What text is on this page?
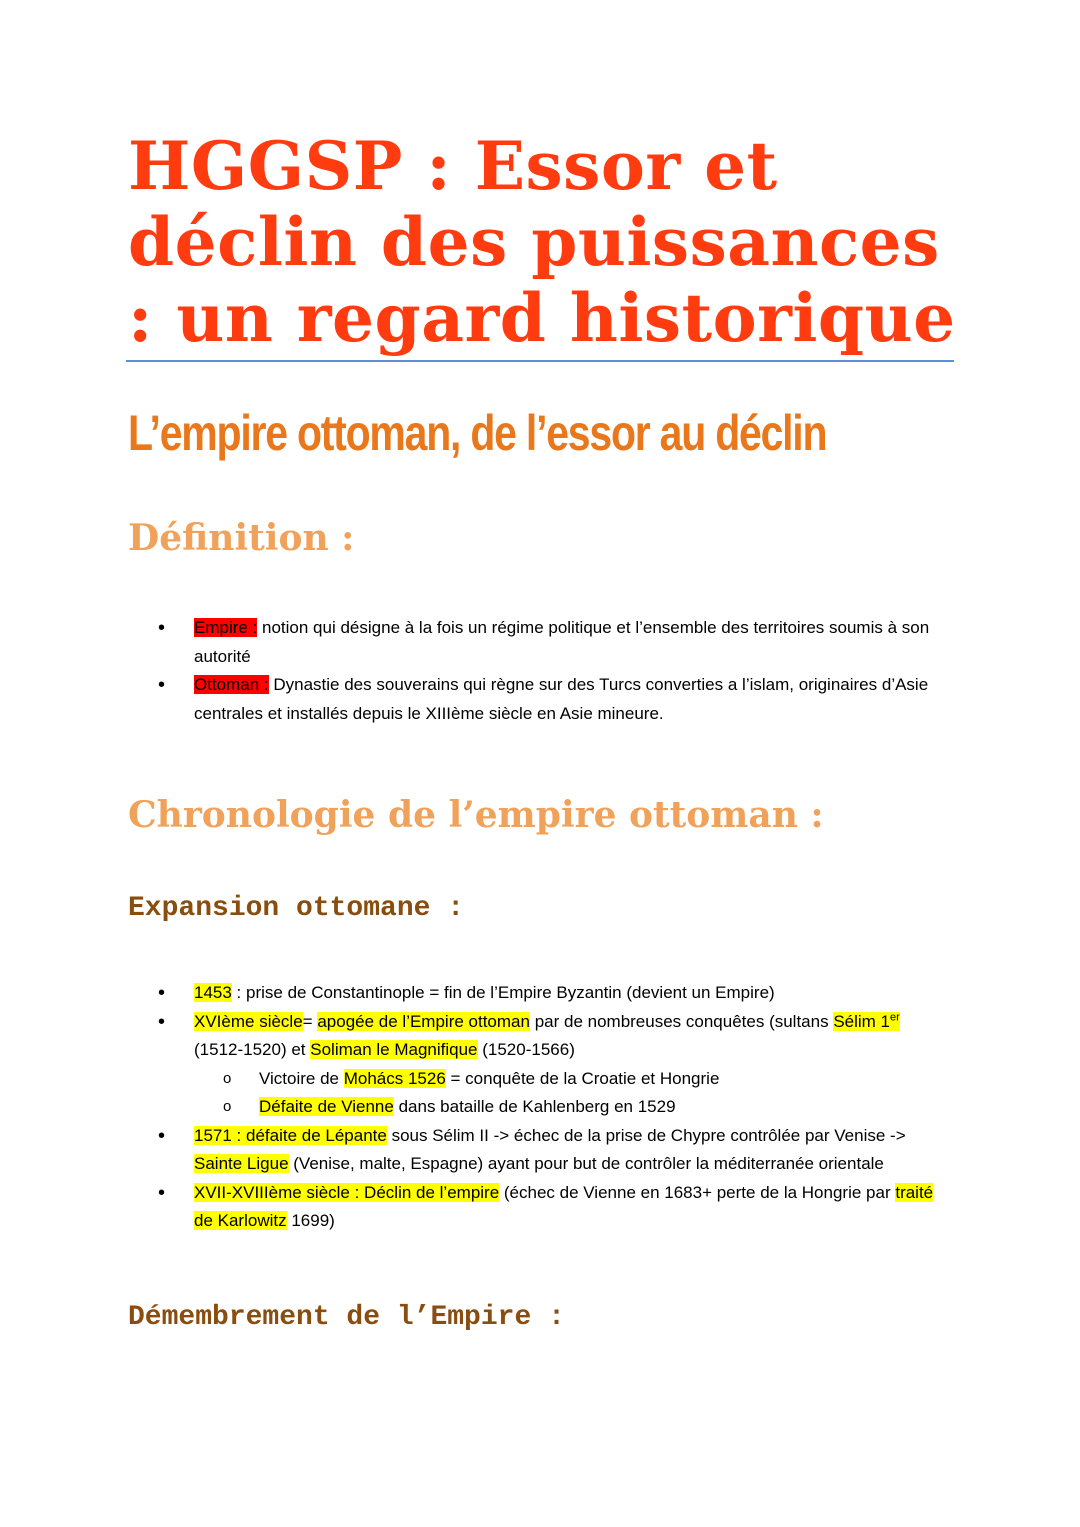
HGGSP : Essor et déclin des puissances : un regard historique
L’empire ottoman, de l’essor au déclin
Définition :
• Empire : notion qui désigne à la fois un régime politique et l’ensemble des territoires soumis à son autorité
• Ottoman : Dynastie des souverains qui règne sur des Turcs converties a l’islam, originaires d’Asie centrales et installés depuis le XIIIème siècle en Asie mineure.
Chronologie de l’empire ottoman :
Expansion ottomane :
• 1453 : prise de Constantinople = fin de l’Empire Byzantin (devient un Empire)
• XVIème siècle= apogée de l’Empire ottoman par de nombreuses conquêtes (sultans Sélim 1er (1512-1520) et Soliman le Magnifique (1520-1566)
o Victoire de Mohács 1526 = conquête de la Croatie et Hongrie
o Défaite de Vienne dans bataille de Kahlenberg en 1529
• 1571 : défaite de Lépante sous Sélim II -> échec de la prise de Chypre contrôlée par Venise -> Sainte Ligue (Venise, malte, Espagne) ayant pour but de contrôler la méditerranée orientale
• XVII-XVIIIème siècle : Déclin de l’empire (échec de Vienne en 1683+ perte de la Hongrie par traité de Karlowitz 1699)
Démembrement de l’Empire :
